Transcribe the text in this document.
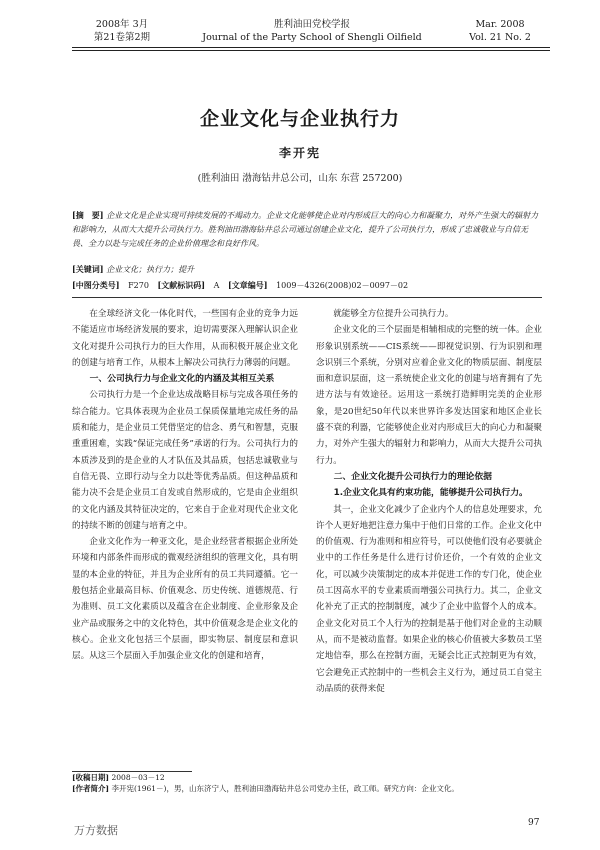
2008年 3月
第21卷第2期
胜利油田党校学报
Journal of the Party School of Shengli Oilfield
Mar. 2008
Vol. 21 No. 2
企业文化与企业执行力
李开宪
(胜利油田 渤海钻井总公司，山东 东营 257200)
[摘　要] 企业文化是企业实现可持续发展的不竭动力。企业文化能够使企业对内形成巨大的向心力和凝聚力，对外产生强大的辐射力和影响力，从而大大提升公司执行力。胜利油田渤海钻井总公司通过创建企业文化，提升了公司执行力，形成了忠诚敬业与自信无畏、全力以赴与完成任务的企业价值理念和良好作风。
[关键词] 企业文化；执行力；提升
[中图分类号] F270 [文献标识码] A [文章编号] 1009－4326(2008)02－0097－02

在全球经济文化一体化时代，一些国有企业的竞争力远不能适应市场经济发展的要求，迫切需要深入理解认识企业文化对提升公司执行力的巨大作用，从而积极开展企业文化的创建与培育工作，从根本上解决公司执行力薄弱的问题。

一、公司执行力与企业文化的内涵及其相互关系

公司执行力是一个企业达成战略目标与完成各项任务的综合能力。它具体表现为企业员工保质保量地完成任务的品质和能力，是企业员工凭借坚定的信念、勇气和智慧，克服重重困难，实践“保证完成任务”承诺的行为。公司执行力的本质涉及到的是企业的人才队伍及其品质，包括忠诚敬业与自信无畏、立即行动与全力以赴等优秀品质。但这种品质和能力决不会是企业员工自发或自然形成的，它是由企业组织的文化内涵及其特征决定的，它来自于企业对现代企业文化的持续不断的创建与培育之中。

企业文化作为一种亚文化，是企业经营者根据企业所处环境和内部条件而形成的微观经济组织的管理文化，具有明显的本企业的特征，并且为企业所有的员工共同遵循。它一般包括企业最高目标、价值观念、历史传统、道德规范、行为准则、员工文化素质以及蕴含在企业制度、企业形象及企业产品或服务之中的文化特色，其中价值观念是企业文化的核心。企业文化包括三个层面，即实物层、制度层和意识层。从这三个层面入手加强企业文化的创建和培育，

就能够全方位提升公司执行力。

企业文化的三个层面是相辅相成的完整的统一体。企业形象识别系统——CIS系统——即视觉识别、行为识别和理念识别三个系统，分别对应着企业文化的物质层面、制度层面和意识层面，这一系统使企业文化的创建与培育拥有了先进方法与有效途径。运用这一系统打造鲜明完美的企业形象，是20世纪50年代以来世界许多发达国家和地区企业长盛不衰的利器，它能够使企业对内形成巨大的向心力和凝聚力，对外产生强大的辐射力和影响力，从而大大提升公司执行力。

二、企业文化提升公司执行力的理论依据
1.企业文化具有约束功能，能够提升公司执行力。

其一，企业文化减少了企业内个人的信息处理要求，允许个人更好地把注意力集中于他们日常的工作。企业文化中的价值观、行为准则和相应符号，可以使他们没有必要就企业中的工作任务是什么进行讨价还价，一个有效的企业文化，可以减少决策制定的成本并促进工作的专门化，使企业员工因高水平的专业素质而增强公司执行力。其二，企业文化补充了正式的控制制度，减少了企业中监督个人的成本。企业文化对员工个人行为的控制是基于他们对企业的主动顺从，而不是被动监督。如果企业的核心价值被大多数员工坚定地信奉，那么在控制方面，无疑会比正式控制更为有效，它会避免正式控制中的一些机会主义行为，通过员工自觉主动品质的获得来促

[收稿日期] 2008－03－12
[作者简介] 李开宪(1961－)，男，山东济宁人，胜利油田渤海钻井总公司党办主任，政工师。研究方向：企业文化。
97
万方数据
